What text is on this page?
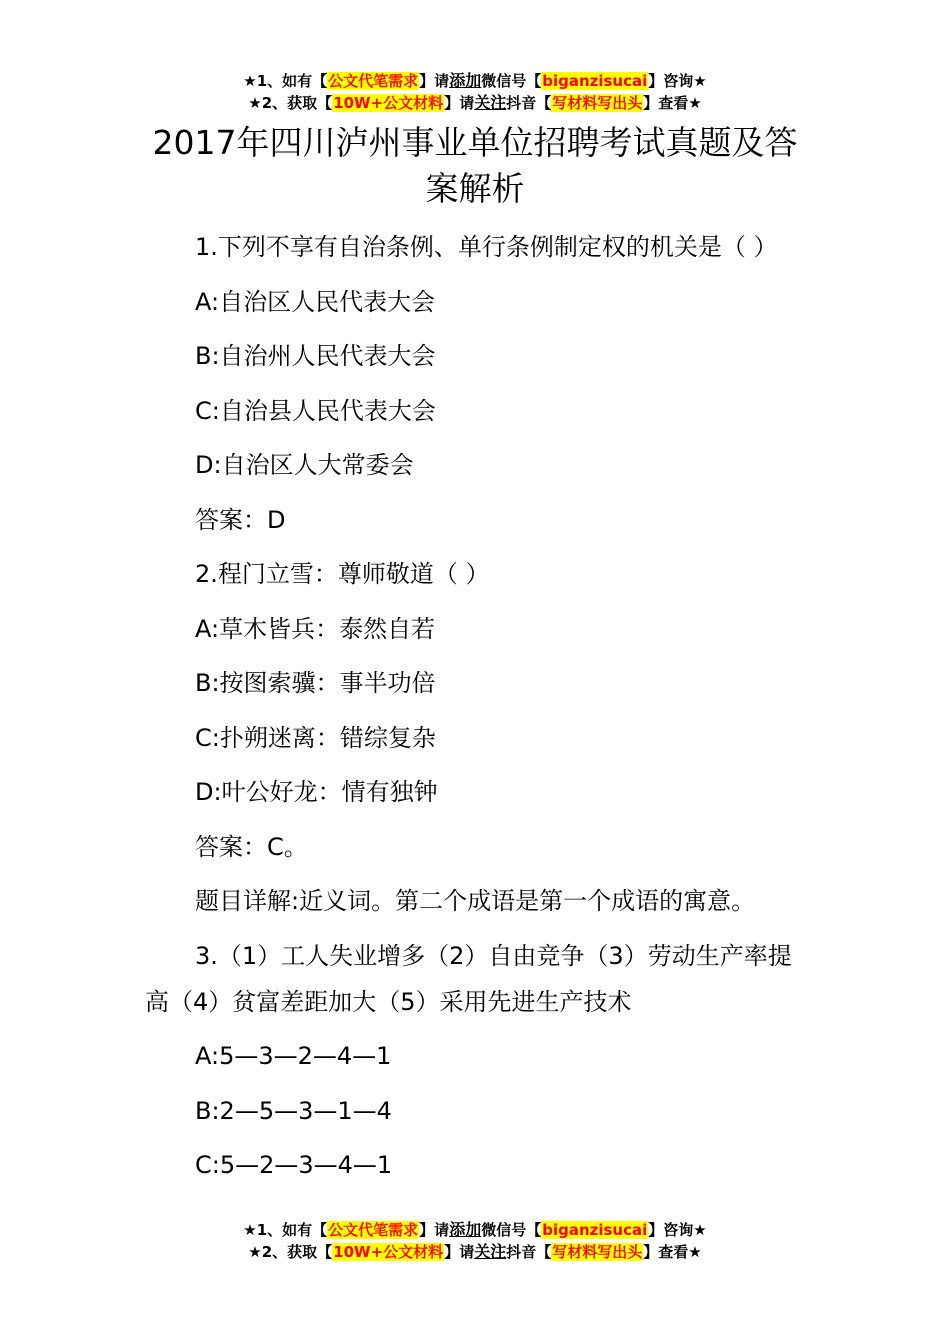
★1、如有【公文代笔需求】请添加微信号【biganzisucai】咨询★
★2、获取【10W+公文材料】请关注抖音【写材料写出头】查看★
2017年四川泸州事业单位招聘考试真题及答案解析
1.下列不享有自治条例、单行条例制定权的机关是（ ）
A:自治区人民代表大会
B:自治州人民代表大会
C:自治县人民代表大会
D:自治区人大常委会
答案：D
2.程门立雪：尊师敬道（ ）
A:草木皆兵：泰然自若
B:按图索骥：事半功倍
C:扑朔迷离：错综复杂
D:叶公好龙：情有独钟
答案：C。
题目详解:近义词。第二个成语是第一个成语的寓意。
3.（1）工人失业增多（2）自由竞争（3）劳动生产率提高（4）贫富差距加大（5）采用先进生产技术
A:5—3—2—4—1
B:2—5—3—1—4
C:5—2—3—4—1
★1、如有【公文代笔需求】请添加微信号【biganzisucai】咨询★
★2、获取【10W+公文材料】请关注抖音【写材料写出头】查看★
